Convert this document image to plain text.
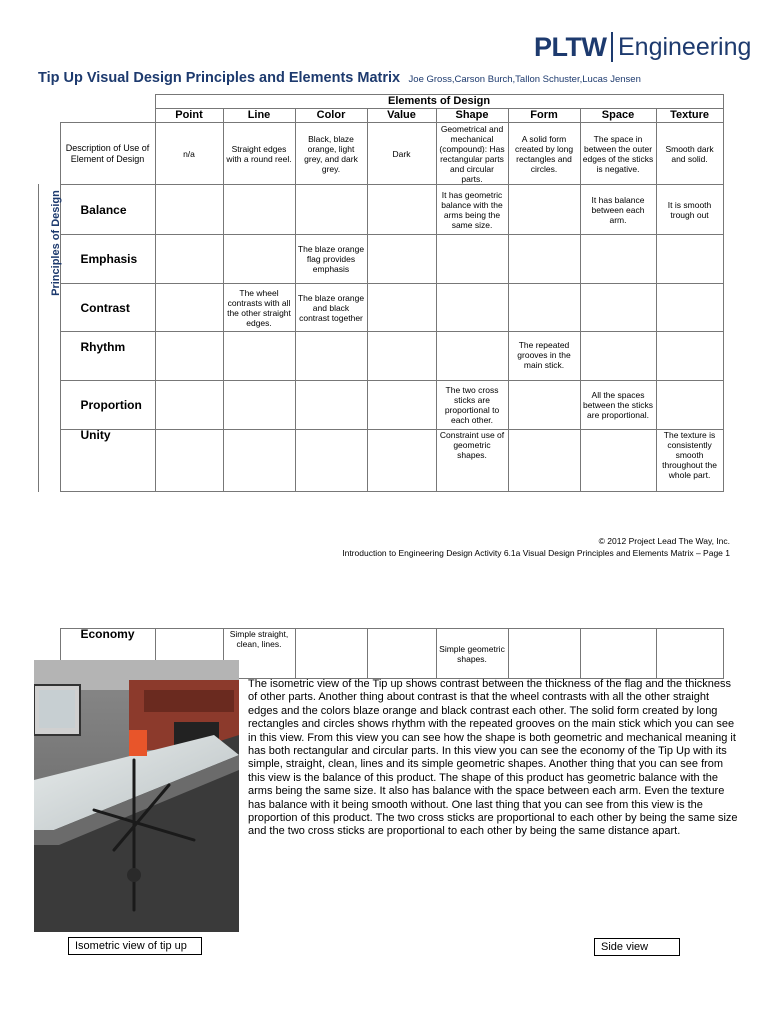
PLTW Engineering
Tip Up Visual Design Principles and Elements Matrix Joe Gross,Carson Burch,Tallon Schuster,Lucas Jensen
		Elements of Design							
		Point	Line	Color	Value	Shape	Form	Space	Texture
	Description of Use of Element of Design	n/a	Straight edges with a round reel.	Black, blaze orange, light grey, and dark grey.	Dark	Geometrical and mechanical (compound): Has rectangular parts and circular parts.	A solid form created by long rectangles and circles.	The space in between the outer edges of the sticks is negative.	Smooth dark and solid.
	Balance					It has geometric balance with the arms being the same size.		It has balance between each arm.	It is smooth trough out
	Emphasis			The blaze orange flag provides emphasis					
	Contrast		The wheel contrasts with all the other straight edges.	The blaze orange and black contrast together					
	Rhythm						The repeated grooves in the main stick.		
	Proportion					The two cross sticks are proportional to each other.		All the spaces between the sticks are proportional.	
	Unity					Constraint use of geometric shapes.			The texture is consistently smooth throughout the whole part.
Principles of Design
© 2012 Project Lead The Way, Inc.
Introduction to Engineering Design Activity 6.1a Visual Design Principles and Elements Matrix – Page 1
	Economy		Simple straight, clean, lines.			Simple geometric shapes.			
The isometric view of the Tip up shows contrast between the thickness of the flag and the thickness of other parts. Another thing about contrast is that the wheel contrasts with all the other straight edges and the colors blaze orange and black contrast each other. The solid form created by long rectangles and circles shows rhythm with the repeated grooves on the main stick which you can see in this view. From this view you can see how the shape is both geometric and mechanical meaning it has both rectangular and circular parts. In this view you can see the economy of the Tip Up with its simple, straight, clean, lines and its simple geometric shapes. Another thing that you can see from this view is the balance of this product. The shape of this product has geometric balance with the arms being the same size. It also has balance with the space between each arm. Even the texture has balance with it being smooth without. One last thing that you can see from this view is the proportion of this product. The two cross sticks are proportional to each other by being the same size and the two cross sticks are proportional to each other by being the same distance apart.
Isometric view of tip up	Side view
